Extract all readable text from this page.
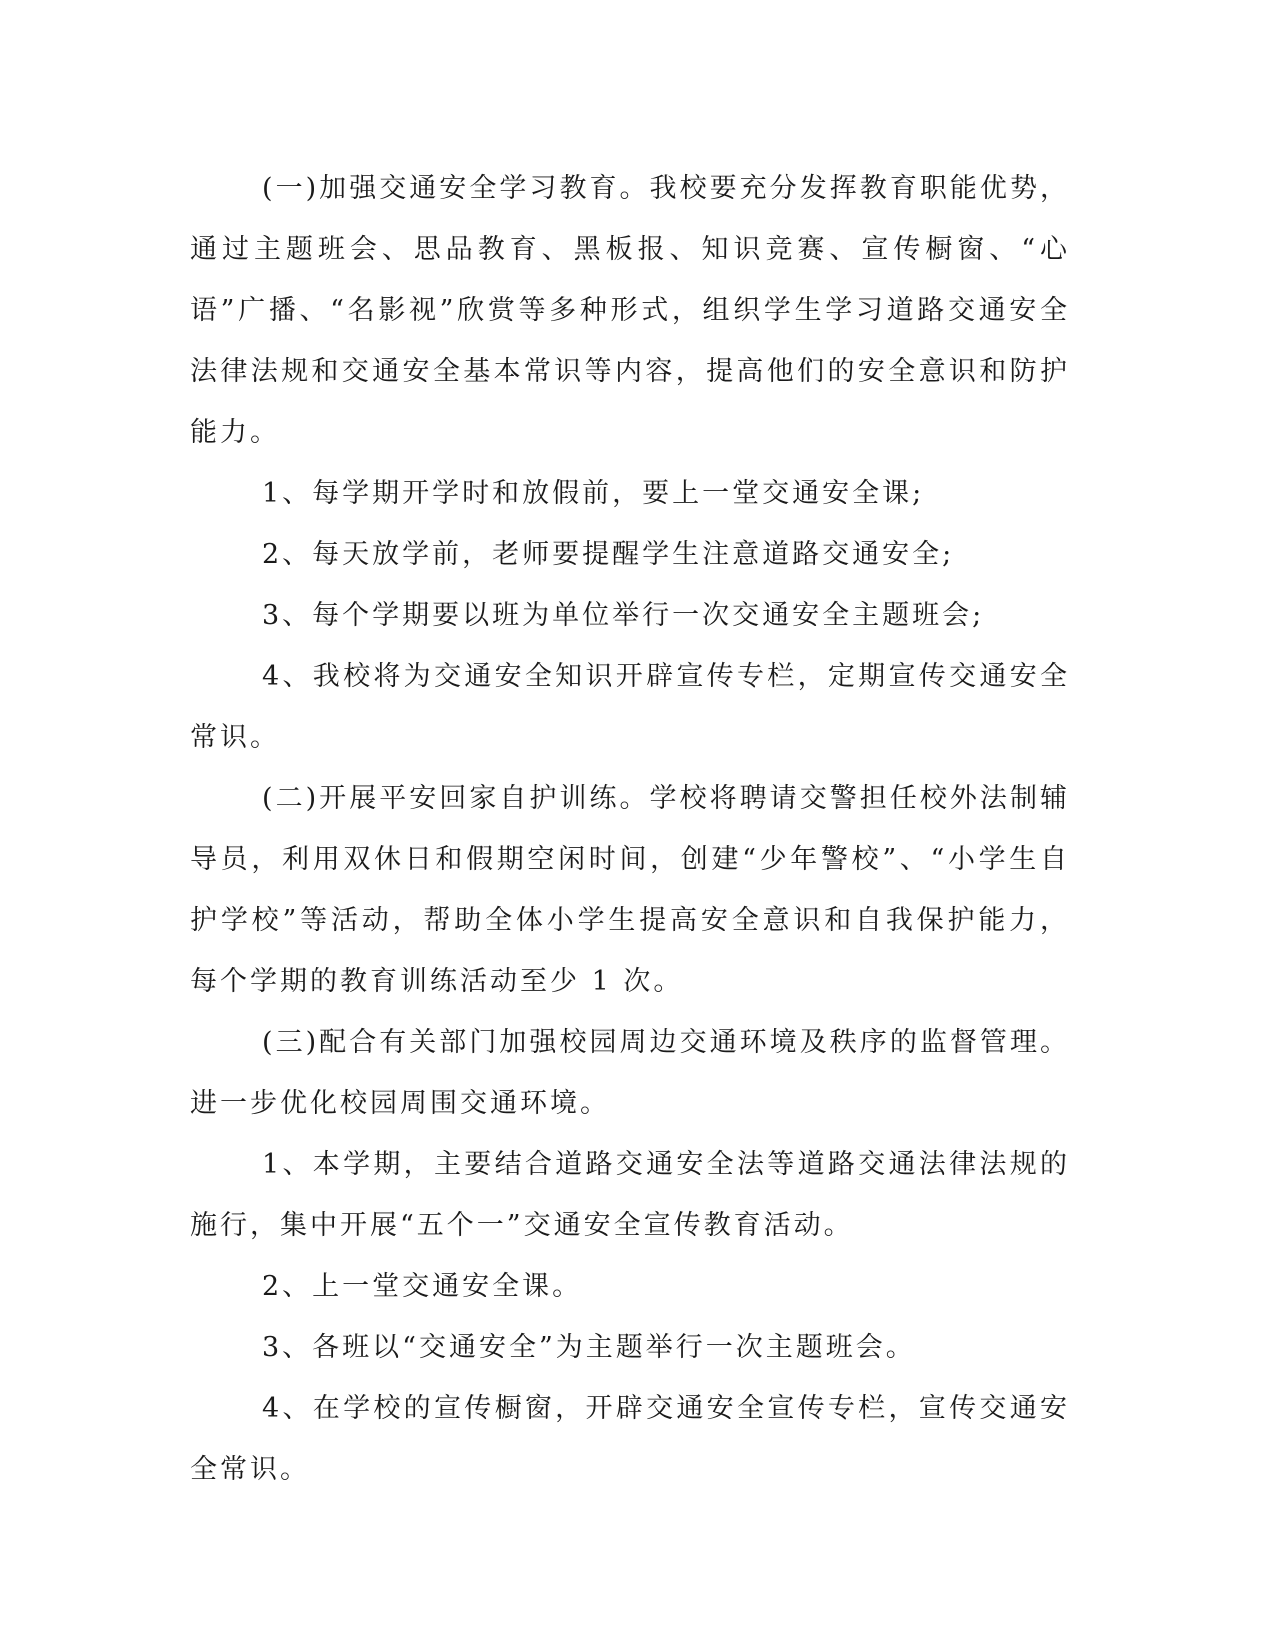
(一)加强交通安全学习教育。我校要充分发挥教育职能优势，通过主题班会、思品教育、黑板报、知识竞赛、宣传橱窗、“心语”广播、“名影视”欣赏等多种形式，组织学生学习道路交通安全法律法规和交通安全基本常识等内容，提高他们的安全意识和防护能力。

1、每学期开学时和放假前，要上一堂交通安全课;

2、每天放学前，老师要提醒学生注意道路交通安全;

3、每个学期要以班为单位举行一次交通安全主题班会;

4、我校将为交通安全知识开辟宣传专栏，定期宣传交通安全常识。

(二)开展平安回家自护训练。学校将聘请交警担任校外法制辅导员，利用双休日和假期空闲时间，创建“少年警校”、“小学生自护学校”等活动，帮助全体小学生提高安全意识和自我保护能力，每个学期的教育训练活动至少 1 次。

(三)配合有关部门加强校园周边交通环境及秩序的监督管理。进一步优化校园周围交通环境。

1、本学期，主要结合道路交通安全法等道路交通法律法规的施行，集中开展“五个一”交通安全宣传教育活动。

2、上一堂交通安全课。

3、各班以“交通安全”为主题举行一次主题班会。

4、在学校的宣传橱窗，开辟交通安全宣传专栏，宣传交通安全常识。
